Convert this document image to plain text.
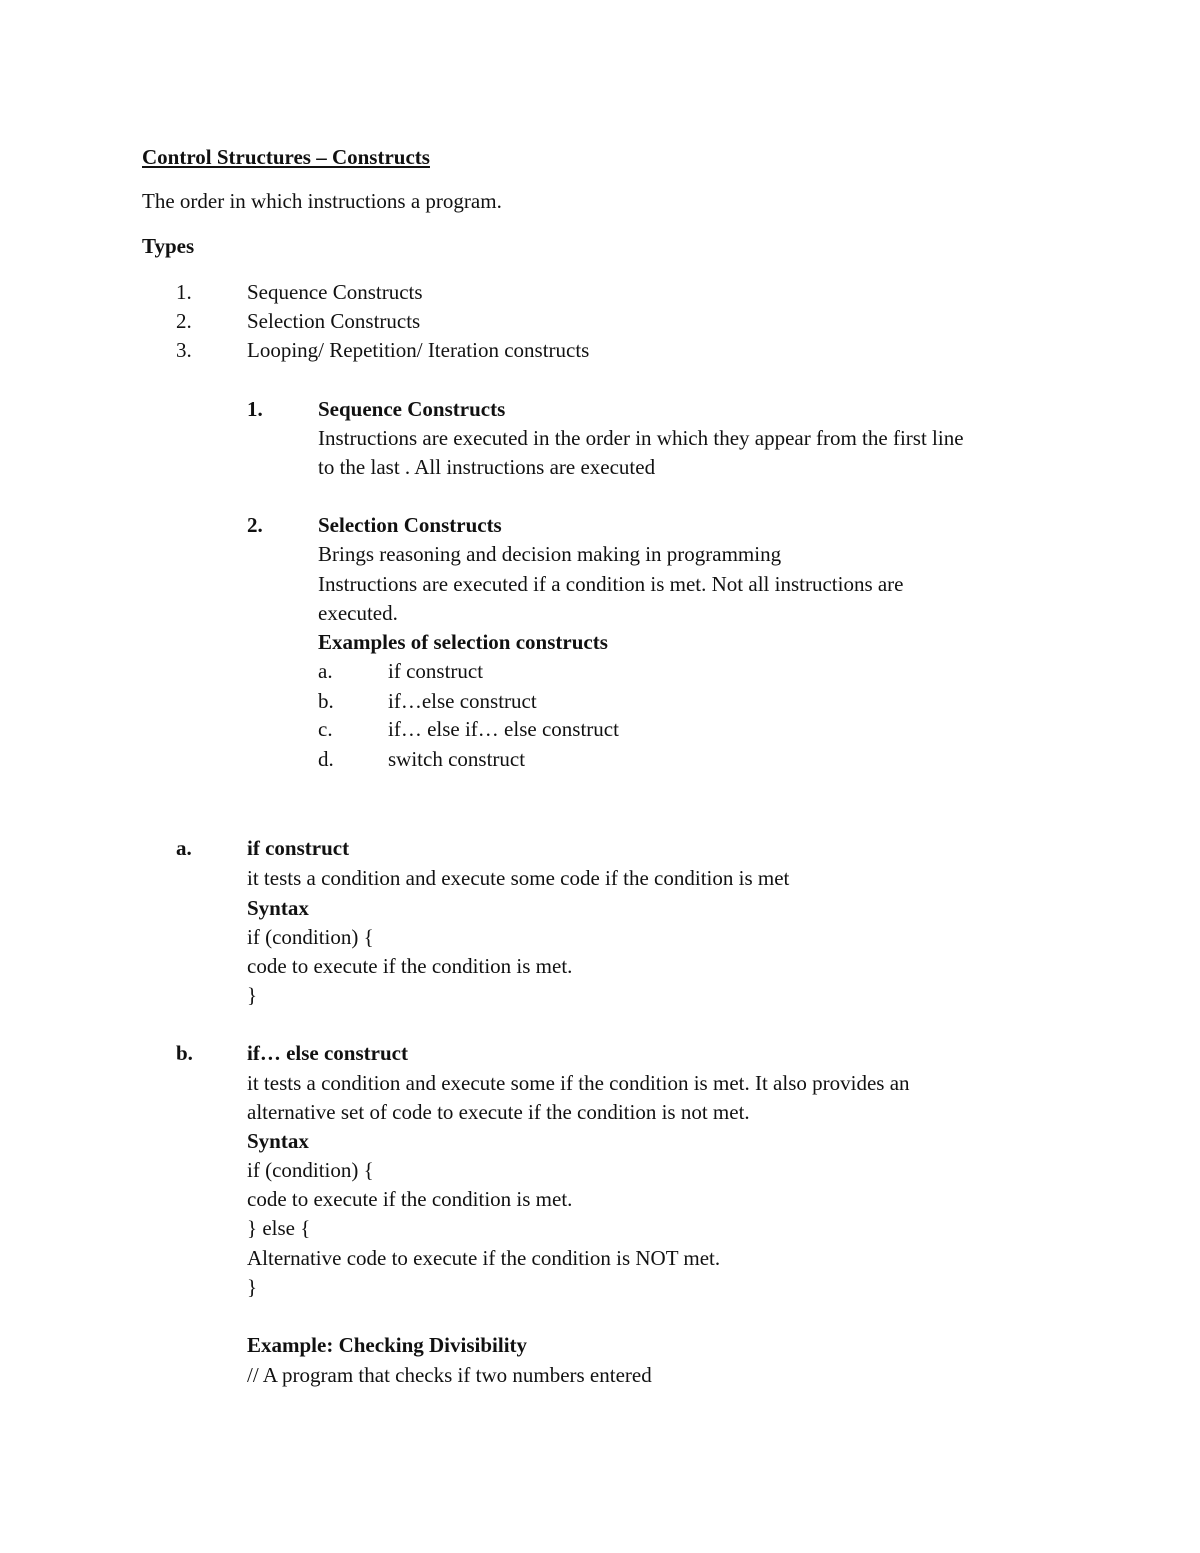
Control Structures – Constructs
The order in which instructions a program.
Types
1.	Sequence Constructs
2.	Selection Constructs
3.	Looping/ Repetition/ Iteration constructs
1.	Sequence Constructs
Instructions are executed in the order in which they appear from the first line
to the last . All instructions are executed
2.	Selection Constructs
Brings reasoning and decision making in programming
Instructions are executed if a condition is met. Not all instructions are
executed.
Examples of selection constructs
a.	if construct
b.	if…else construct
c.	if… else if… else construct
d.	switch construct
a.	if construct
it tests a condition and execute some code if the condition is met
Syntax
if (condition) {
code to execute if the condition is met.
}
b.	if… else construct
it tests a condition and execute some if the condition is met. It also provides an
alternative set of code to execute if the condition is not met.
Syntax
if (condition) {
code to execute if the condition is met.
} else {
Alternative code to execute if the condition is NOT met.
}
Example: Checking Divisibility
// A program that checks if two numbers entered
